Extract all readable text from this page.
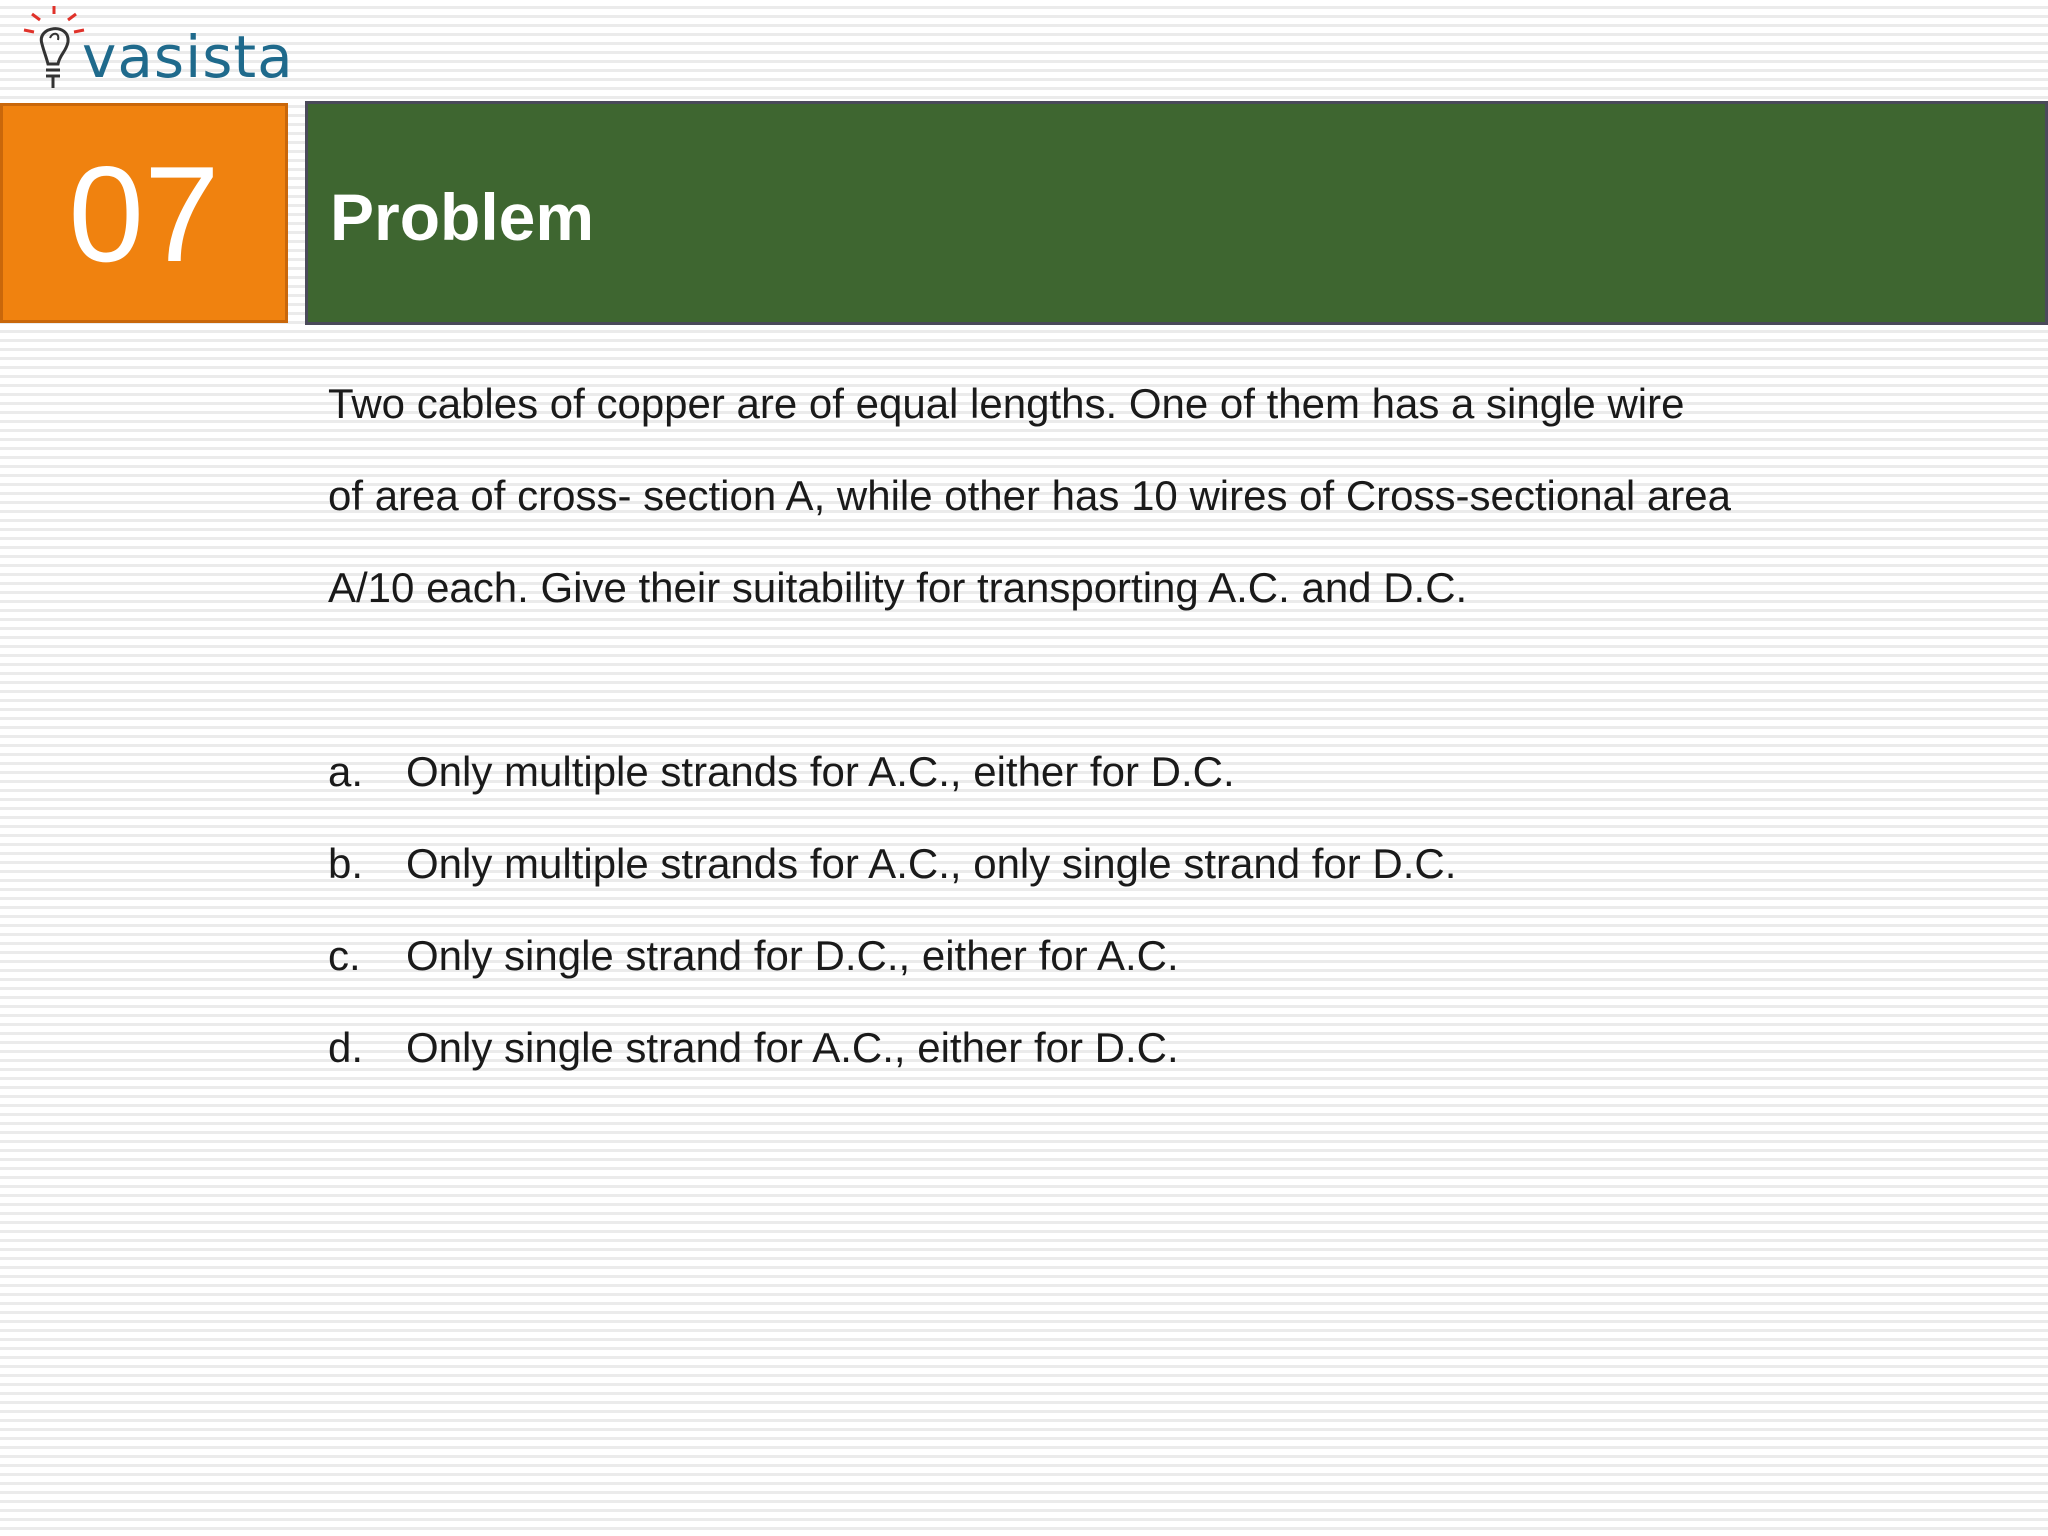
vasista
07 Problem

Two cables of copper are of equal lengths. One of them has a single wire
of area of cross- section A, while other has 10 wires of Cross-sectional area
A/10 each. Give their suitability for transporting A.C. and D.C.

a.	Only multiple strands for A.C., either for D.C.
b.	Only multiple strands for A.C., only single strand for D.C.
c.	Only single strand for D.C., either for A.C.
d.	Only single strand for A.C., either for D.C.
